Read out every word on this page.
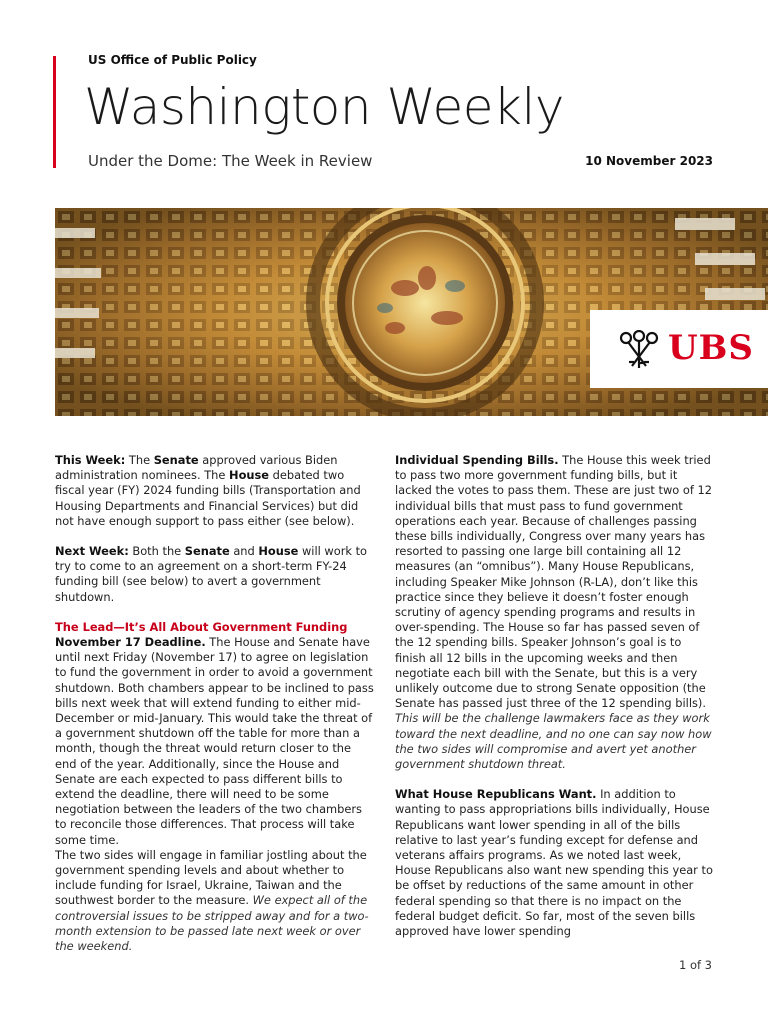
US Office of Public Policy
Washington Weekly
Under the Dome: The Week in Review	10 November 2023
UBS

This Week: The Senate approved various Biden administration nominees. The House debated two fiscal year (FY) 2024 funding bills (Transportation and Housing Departments and Financial Services) but did not have enough support to pass either (see below).

Next Week: Both the Senate and House will work to try to come to an agreement on a short-term FY-24 funding bill (see below) to avert a government shutdown.

The Lead—It’s All About Government Funding

November 17 Deadline. The House and Senate have until next Friday (November 17) to agree on legislation to fund the government in order to avoid a government shutdown. Both chambers appear to be inclined to pass bills next week that will extend funding to either mid-December or mid-January. This would take the threat of a government shutdown off the table for more than a month, though the threat would return closer to the end of the year. Additionally, since the House and Senate are each expected to pass different bills to extend the deadline, there will need to be some negotiation between the leaders of the two chambers to reconcile those differences. That process will take some time.

The two sides will engage in familiar jostling about the government spending levels and about whether to include funding for Israel, Ukraine, Taiwan and the southwest border to the measure. We expect all of the controversial issues to be stripped away and for a two-month extension to be passed late next week or over the weekend.

Individual Spending Bills. The House this week tried to pass two more government funding bills, but it lacked the votes to pass them. These are just two of 12 individual bills that must pass to fund government operations each year. Because of challenges passing these bills individually, Congress over many years has resorted to passing one large bill containing all 12 measures (an “omnibus”). Many House Republicans, including Speaker Mike Johnson (R-LA), don’t like this practice since they believe it doesn’t foster enough scrutiny of agency spending programs and results in over-spending. The House so far has passed seven of the 12 spending bills. Speaker Johnson’s goal is to finish all 12 bills in the upcoming weeks and then negotiate each bill with the Senate, but this is a very unlikely outcome due to strong Senate opposition (the Senate has passed just three of the 12 spending bills). This will be the challenge lawmakers face as they work toward the next deadline, and no one can say now how the two sides will compromise and avert yet another government shutdown threat.

What House Republicans Want. In addition to wanting to pass appropriations bills individually, House Republicans want lower spending in all of the bills relative to last year’s funding except for defense and veterans affairs programs. As we noted last week, House Republicans also want new spending this year to be offset by reductions of the same amount in other federal spending so that there is no impact on the federal budget deficit. So far, most of the seven bills approved have lower spending

1 of 3
